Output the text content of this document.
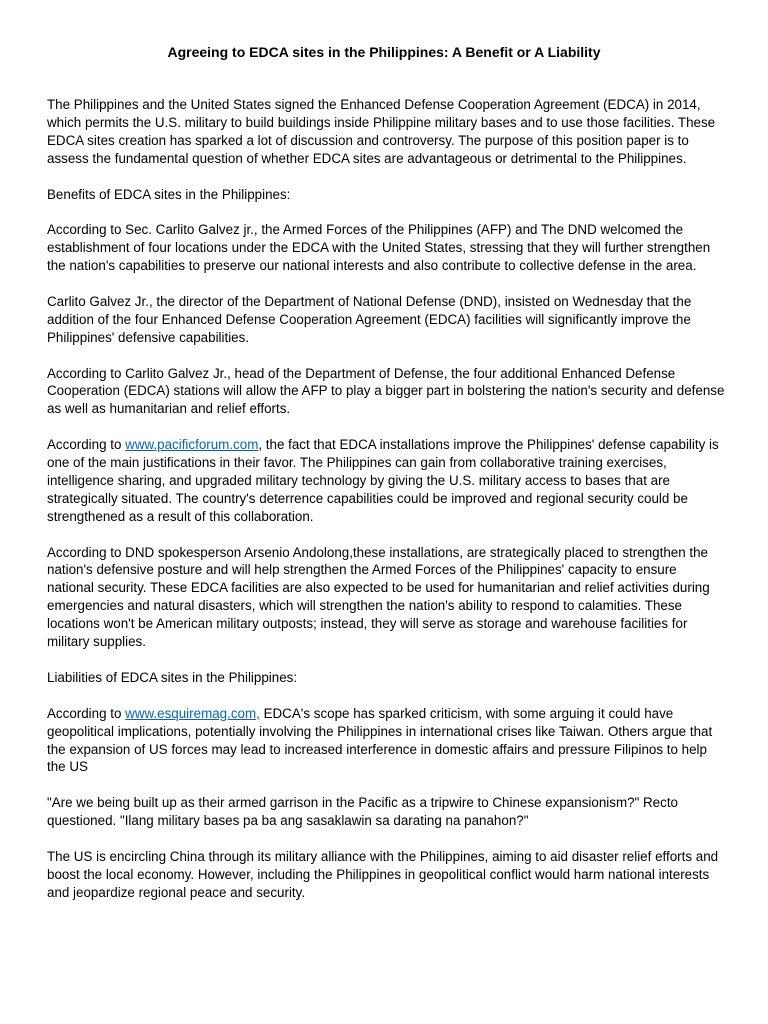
Agreeing to EDCA sites in the Philippines: A Benefit or A Liability

The Philippines and the United States signed the Enhanced Defense Cooperation Agreement (EDCA) in 2014, which permits the U.S. military to build buildings inside Philippine military bases and to use those facilities. These EDCA sites creation has sparked a lot of discussion and controversy. The purpose of this position paper is to assess the fundamental question of whether EDCA sites are advantageous or detrimental to the Philippines.

Benefits of EDCA sites in the Philippines:

According to Sec. Carlito Galvez jr., the Armed Forces of the Philippines (AFP) and The DND welcomed the establishment of four locations under the EDCA with the United States, stressing that they will further strengthen the nation's capabilities to preserve our national interests and also contribute to collective defense in the area.

Carlito Galvez Jr., the director of the Department of National Defense (DND), insisted on Wednesday that the addition of the four Enhanced Defense Cooperation Agreement (EDCA) facilities will significantly improve the Philippines' defensive capabilities.

According to Carlito Galvez Jr., head of the Department of Defense, the four additional Enhanced Defense Cooperation (EDCA) stations will allow the AFP to play a bigger part in bolstering the nation's security and defense as well as humanitarian and relief efforts.

According to www.pacificforum.com, the fact that EDCA installations improve the Philippines' defense capability is one of the main justifications in their favor. The Philippines can gain from collaborative training exercises, intelligence sharing, and upgraded military technology by giving the U.S. military access to bases that are strategically situated. The country's deterrence capabilities could be improved and regional security could be strengthened as a result of this collaboration.

According to DND spokesperson Arsenio Andolong,these installations, are strategically placed to strengthen the nation's defensive posture and will help strengthen the Armed Forces of the Philippines' capacity to ensure national security. These EDCA facilities are also expected to be used for humanitarian and relief activities during emergencies and natural disasters, which will strengthen the nation's ability to respond to calamities. These locations won't be American military outposts; instead, they will serve as storage and warehouse facilities for military supplies.

Liabilities of EDCA sites in the Philippines:

According to www.esquiremag.com, EDCA's scope has sparked criticism, with some arguing it could have geopolitical implications, potentially involving the Philippines in international crises like Taiwan. Others argue that the expansion of US forces may lead to increased interference in domestic affairs and pressure Filipinos to help the US

"Are we being built up as their armed garrison in the Pacific as a tripwire to Chinese expansionism?" Recto questioned. "Ilang military bases pa ba ang sasaklawin sa darating na panahon?"

The US is encircling China through its military alliance with the Philippines, aiming to aid disaster relief efforts and boost the local economy. However, including the Philippines in geopolitical conflict would harm national interests and jeopardize regional peace and security.
